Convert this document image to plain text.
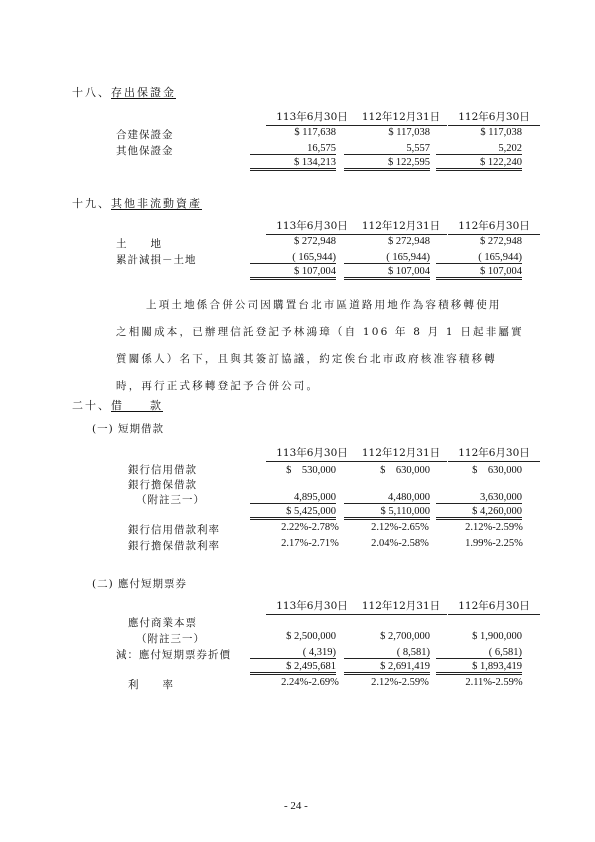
十八、存出保證金
113年6月30日	112年12月31日	112年6月30日
合建保證金	$ 117,638	$ 117,038	$ 117,038
其他保證金	16,575	5,557	5,202
$ 134,213	$ 122,595	$ 122,240
十九、其他非流動資產
113年6月30日	112年12月31日	112年6月30日
土　　地	$ 272,948	$ 272,948	$ 272,948
累計減損－土地	( 165,944)	( 165,944)	( 165,944)
$ 107,004	$ 107,004	$ 107,004
上項土地係合併公司因購置台北市區道路用地作為容積移轉使用
之相關成本，已辦理信託登記予林鴻璋（自 106 年 8 月 1 日起非屬實
質關係人）名下，且與其簽訂協議，約定俟台北市政府核准容積移轉
時，再行正式移轉登記予合併公司。
二十、借　　款
(一) 短期借款
113年6月30日	112年12月31日	112年6月30日
銀行信用借款	$　530,000	$　630,000	$　630,000
銀行擔保借款
（附註三一）	4,895,000	4,480,000	3,630,000
$ 5,425,000	$ 5,110,000	$ 4,260,000
銀行信用借款利率	2.22%-2.78%	2.12%-2.65%	2.12%-2.59%
銀行擔保借款利率	2.17%-2.71%	2.04%-2.58%	1.99%-2.25%
(二) 應付短期票券
113年6月30日	112年12月31日	112年6月30日
應付商業本票
（附註三一）	$ 2,500,000	$ 2,700,000	$ 1,900,000
減：應付短期票券折價	( 4,319)	( 8,581)	( 6,581)
$ 2,495,681	$ 2,691,419	$ 1,893,419
利　　率	2.24%-2.69%	2.12%-2.59%	2.11%-2.59%
- 24 -
